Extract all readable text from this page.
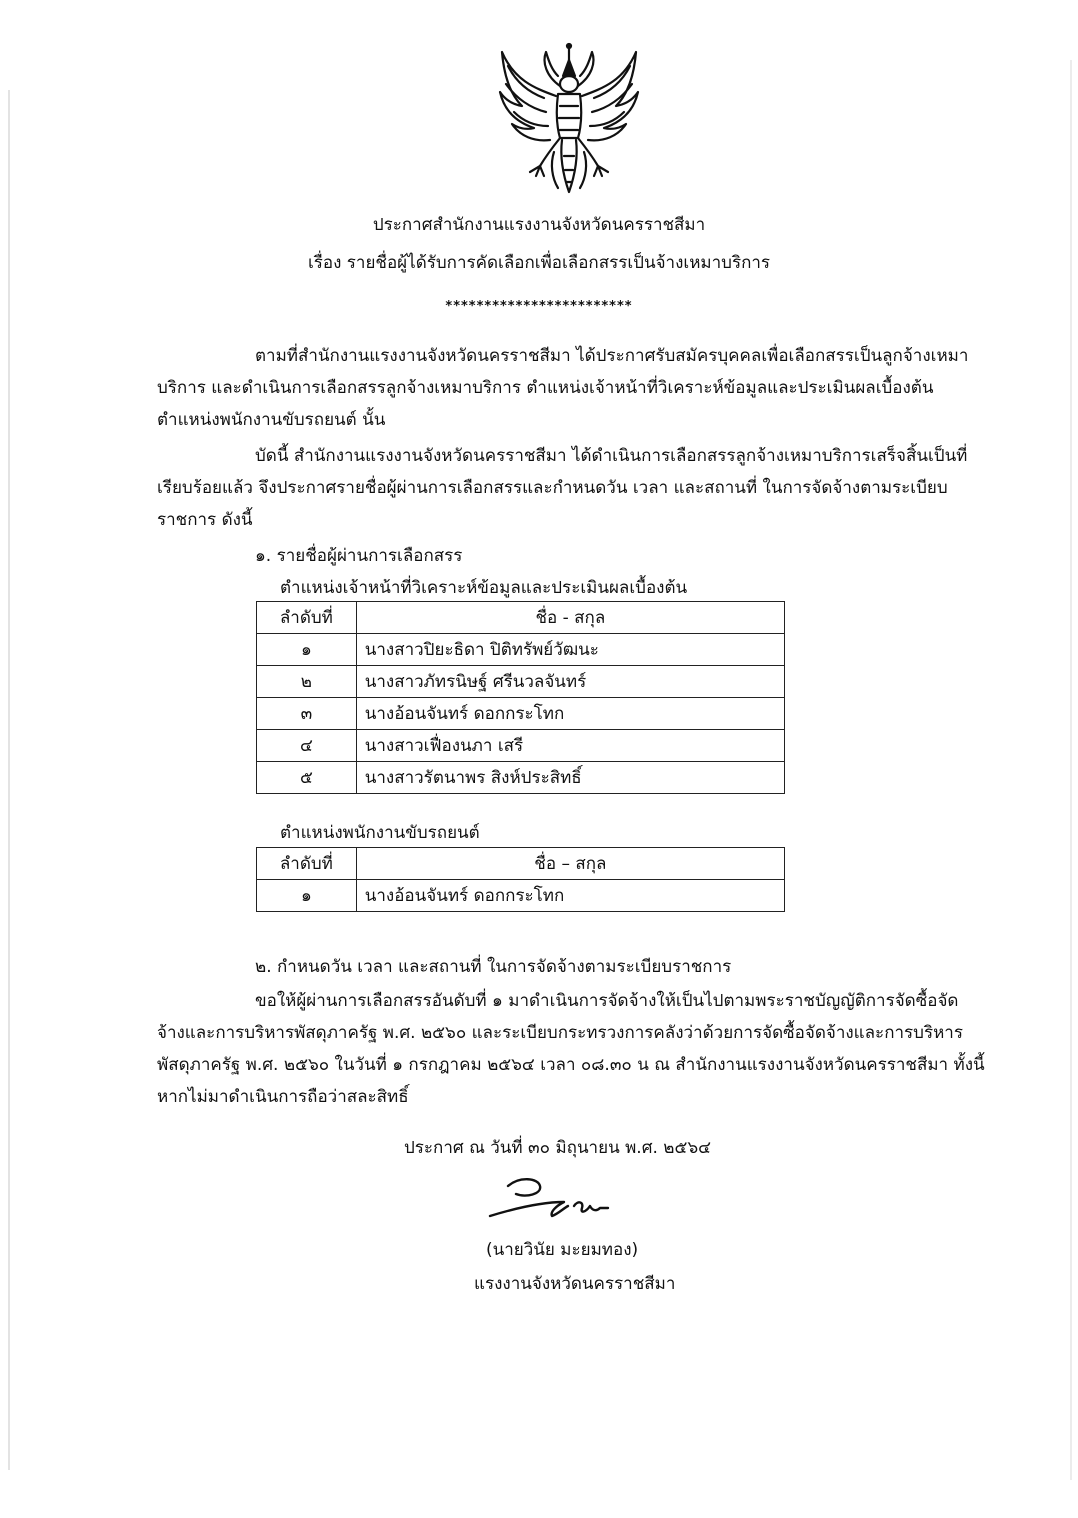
ประกาศสำนักงานแรงงานจังหวัดนครราชสีมา
เรื่อง รายชื่อผู้ได้รับการคัดเลือกเพื่อเลือกสรรเป็นจ้างเหมาบริการ
************************
ตามที่สำนักงานแรงงานจังหวัดนครราชสีมา ได้ประกาศรับสมัครบุคคลเพื่อเลือกสรรเป็นลูกจ้างเหมาบริการ และดำเนินการเลือกสรรลูกจ้างเหมาบริการ ตำแหน่งเจ้าหน้าที่วิเคราะห์ข้อมูลและประเมินผลเบื้องต้น ตำแหน่งพนักงานขับรถยนต์ นั้น
บัดนี้ สำนักงานแรงงานจังหวัดนครราชสีมา ได้ดำเนินการเลือกสรรลูกจ้างเหมาบริการเสร็จสิ้นเป็นที่เรียบร้อยแล้ว จึงประกาศรายชื่อผู้ผ่านการเลือกสรรและกำหนดวัน เวลา และสถานที่ ในการจัดจ้างตามระเบียบราชการ ดังนี้
๑. รายชื่อผู้ผ่านการเลือกสรร
ตำแหน่งเจ้าหน้าที่วิเคราะห์ข้อมูลและประเมินผลเบื้องต้น
ลำดับที่	ชื่อ - สกุล
๑	นางสาวปิยะธิดา ปิติทรัพย์วัฒนะ
๒	นางสาวภัทรนิษฐ์ ศรีนวลจันทร์
๓	นางอ้อนจันทร์ ดอกกระโทก
๔	นางสาวเฟื่องนภา เสรี
๕	นางสาวรัตนาพร สิงห์ประสิทธิ์
ตำแหน่งพนักงานขับรถยนต์
ลำดับที่	ชื่อ – สกุล
๑	นางอ้อนจันทร์ ดอกกระโทก
๒. กำหนดวัน เวลา และสถานที่ ในการจัดจ้างตามระเบียบราชการ
ขอให้ผู้ผ่านการเลือกสรรอันดับที่ ๑ มาดำเนินการจัดจ้างให้เป็นไปตามพระราชบัญญัติการจัดซื้อจัดจ้างและการบริหารพัสดุภาครัฐ พ.ศ. ๒๕๖๐ และระเบียบกระทรวงการคลังว่าด้วยการจัดซื้อจัดจ้างและการบริหารพัสดุภาครัฐ พ.ศ. ๒๕๖๐ ในวันที่ ๑ กรกฎาคม ๒๕๖๔ เวลา ๐๘.๓๐ น ณ สำนักงานแรงงานจังหวัดนครราชสีมา ทั้งนี้หากไม่มาดำเนินการถือว่าสละสิทธิ์
ประกาศ ณ วันที่ ๓๐ มิถุนายน พ.ศ. ๒๕๖๔
(นายวินัย มะยมทอง)
แรงงานจังหวัดนครราชสีมา
